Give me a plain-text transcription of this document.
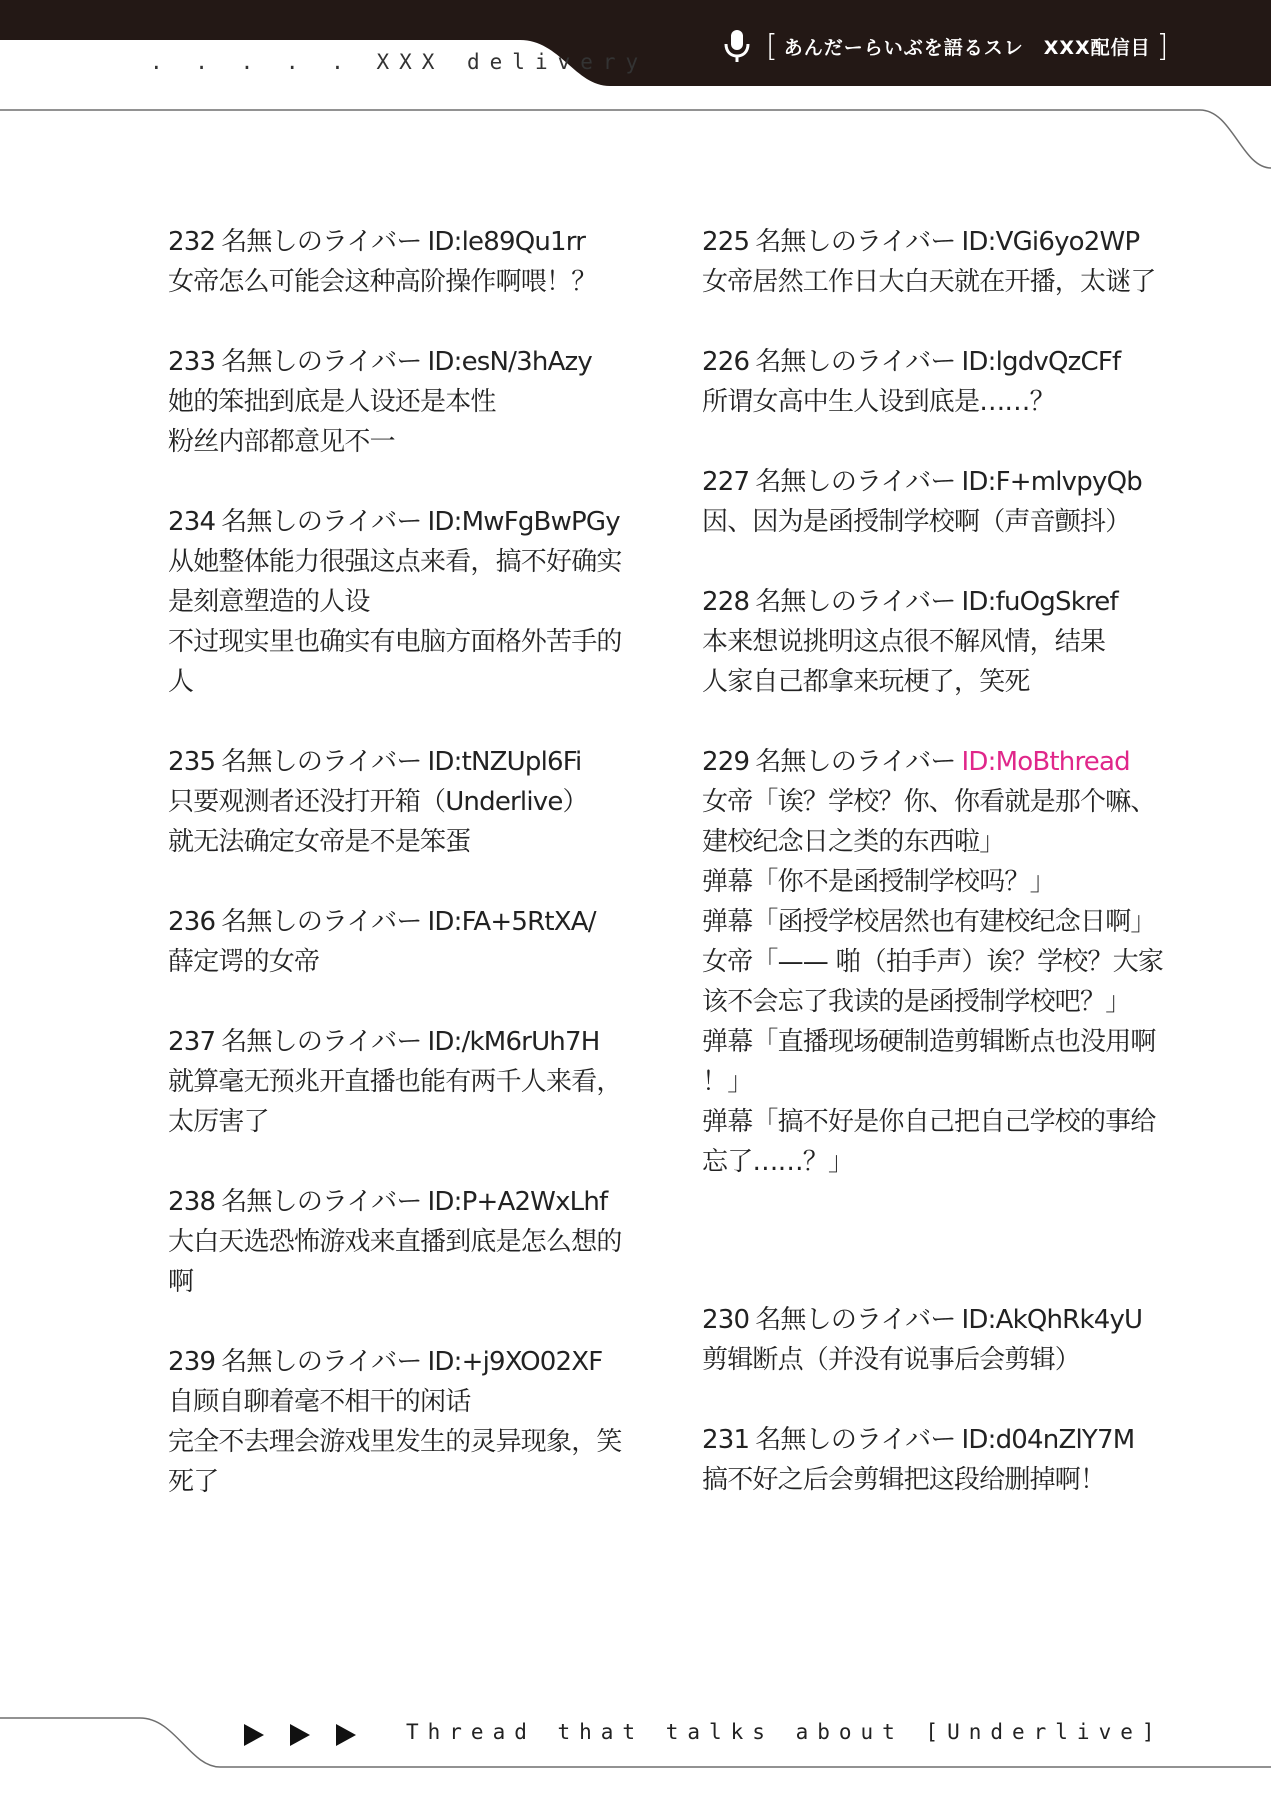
. . . . . XXX delivery	[ あんだーらいぶを語るスレ　XXX配信目 ]
232 名無しのライバー ID:le89Qu1rr
女帝怎么可能会这种高阶操作啊喂！？
233 名無しのライバー ID:esN/3hAzy
她的笨拙到底是人设还是本性
粉丝内部都意见不一
234 名無しのライバー ID:MwFgBwPGy
从她整体能力很强这点来看，搞不好确实
是刻意塑造的人设
不过现实里也确实有电脑方面格外苦手的
人
235 名無しのライバー ID:tNZUpl6Fi
只要观测者还没打开箱（Underlive）
就无法确定女帝是不是笨蛋
236 名無しのライバー ID:FA+5RtXA/
薛定谔的女帝
237 名無しのライバー ID:/kM6rUh7H
就算毫无预兆开直播也能有两千人来看，
太厉害了
238 名無しのライバー ID:P+A2WxLhf
大白天选恐怖游戏来直播到底是怎么想的
啊
239 名無しのライバー ID:+j9XO02XF
自顾自聊着毫不相干的闲话
完全不去理会游戏里发生的灵异现象，笑
死了
225 名無しのライバー ID:VGi6yo2WP
女帝居然工作日大白天就在开播，太谜了
226 名無しのライバー ID:lgdvQzCFf
所谓女高中生人设到底是……？
227 名無しのライバー ID:F+mlvpyQb
因、因为是函授制学校啊（声音颤抖）
228 名無しのライバー ID:fuOgSkref
本来想说挑明这点很不解风情，结果
人家自己都拿来玩梗了，笑死
229 名無しのライバー ID:MoBthread
女帝「诶？学校？你、你看就是那个嘛、
建校纪念日之类的东西啦」
弹幕「你不是函授制学校吗？」
弹幕「函授学校居然也有建校纪念日啊」
女帝「—— 啪（拍手声）诶？学校？大家
该不会忘了我读的是函授制学校吧？」
弹幕「直播现场硬制造剪辑断点也没用啊
！」
弹幕「搞不好是你自己把自己学校的事给
忘了……？」
230 名無しのライバー ID:AkQhRk4yU
剪辑断点（并没有说事后会剪辑）
231 名無しのライバー ID:d04nZlY7M
搞不好之后会剪辑把这段给删掉啊！
Thread that talks about [Underlive]
